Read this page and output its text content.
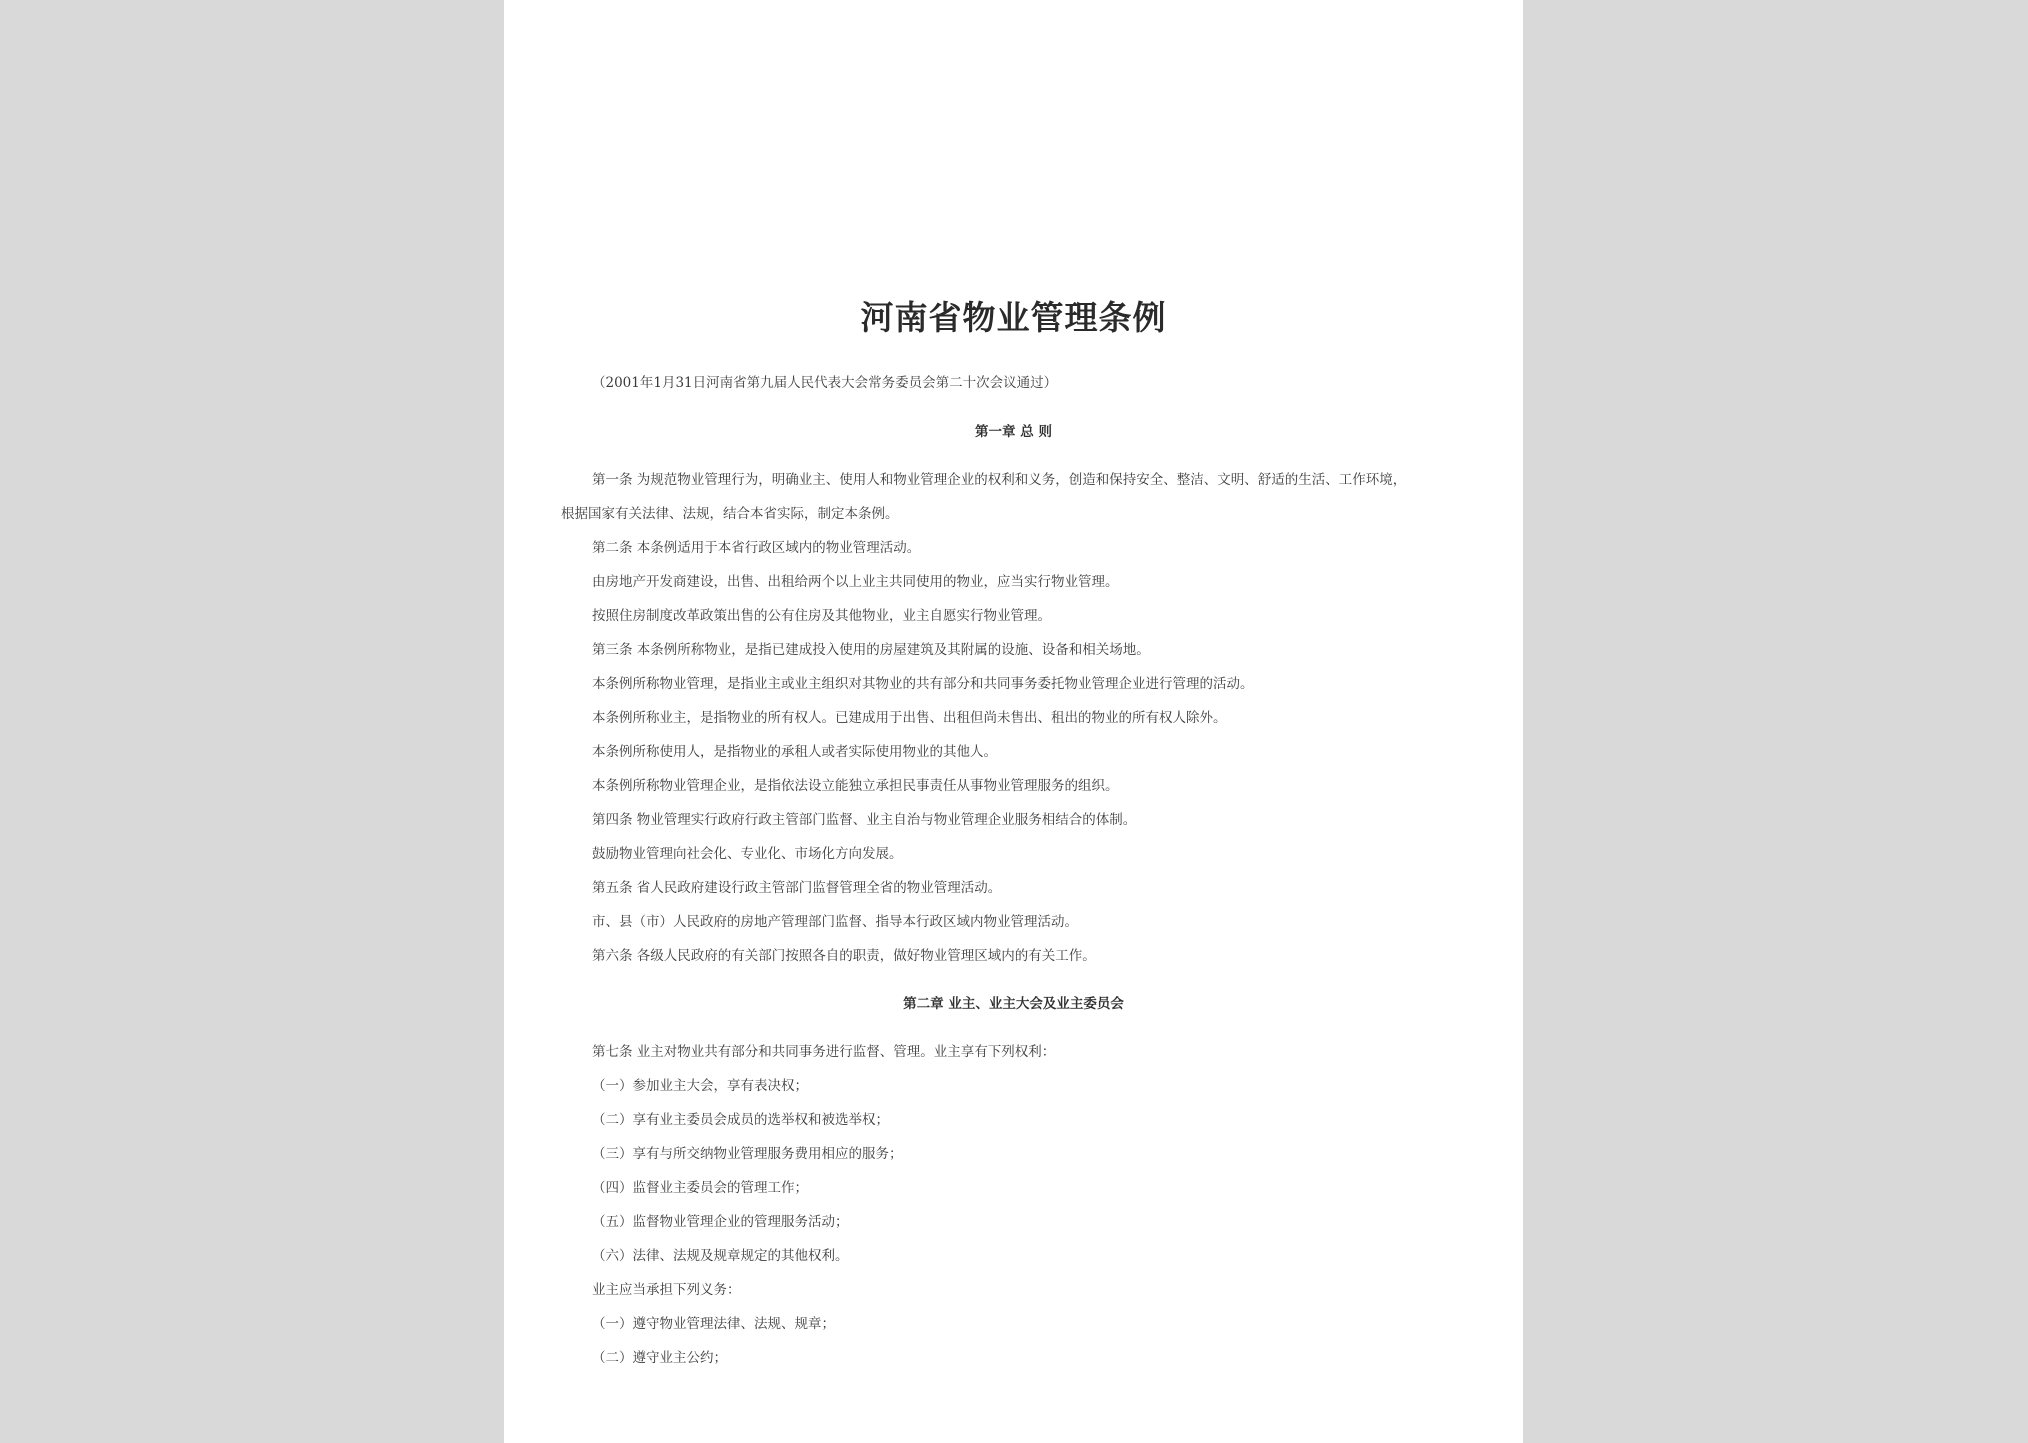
河南省物业管理条例
（2001年1月31日河南省第九届人民代表大会常务委员会第二十次会议通过）
第一章 总 则
第一条 为规范物业管理行为，明确业主、使用人和物业管理企业的权利和义务，创造和保持安全、整洁、文明、舒适的生活、工作环境，
根据国家有关法律、法规，结合本省实际，制定本条例。
第二条 本条例适用于本省行政区域内的物业管理活动。
由房地产开发商建设，出售、出租给两个以上业主共同使用的物业，应当实行物业管理。
按照住房制度改革政策出售的公有住房及其他物业，业主自愿实行物业管理。
第三条 本条例所称物业，是指已建成投入使用的房屋建筑及其附属的设施、设备和相关场地。
本条例所称物业管理，是指业主或业主组织对其物业的共有部分和共同事务委托物业管理企业进行管理的活动。
本条例所称业主，是指物业的所有权人。已建成用于出售、出租但尚未售出、租出的物业的所有权人除外。
本条例所称使用人，是指物业的承租人或者实际使用物业的其他人。
本条例所称物业管理企业，是指依法设立能独立承担民事责任从事物业管理服务的组织。
第四条 物业管理实行政府行政主管部门监督、业主自治与物业管理企业服务相结合的体制。
鼓励物业管理向社会化、专业化、市场化方向发展。
第五条 省人民政府建设行政主管部门监督管理全省的物业管理活动。
市、县（市）人民政府的房地产管理部门监督、指导本行政区域内物业管理活动。
第六条 各级人民政府的有关部门按照各自的职责，做好物业管理区域内的有关工作。
第二章 业主、业主大会及业主委员会
第七条 业主对物业共有部分和共同事务进行监督、管理。业主享有下列权利：
（一）参加业主大会，享有表决权；
（二）享有业主委员会成员的选举权和被选举权；
（三）享有与所交纳物业管理服务费用相应的服务；
（四）监督业主委员会的管理工作；
（五）监督物业管理企业的管理服务活动；
（六）法律、法规及规章规定的其他权利。
业主应当承担下列义务：
（一）遵守物业管理法律、法规、规章；
（二）遵守业主公约；
